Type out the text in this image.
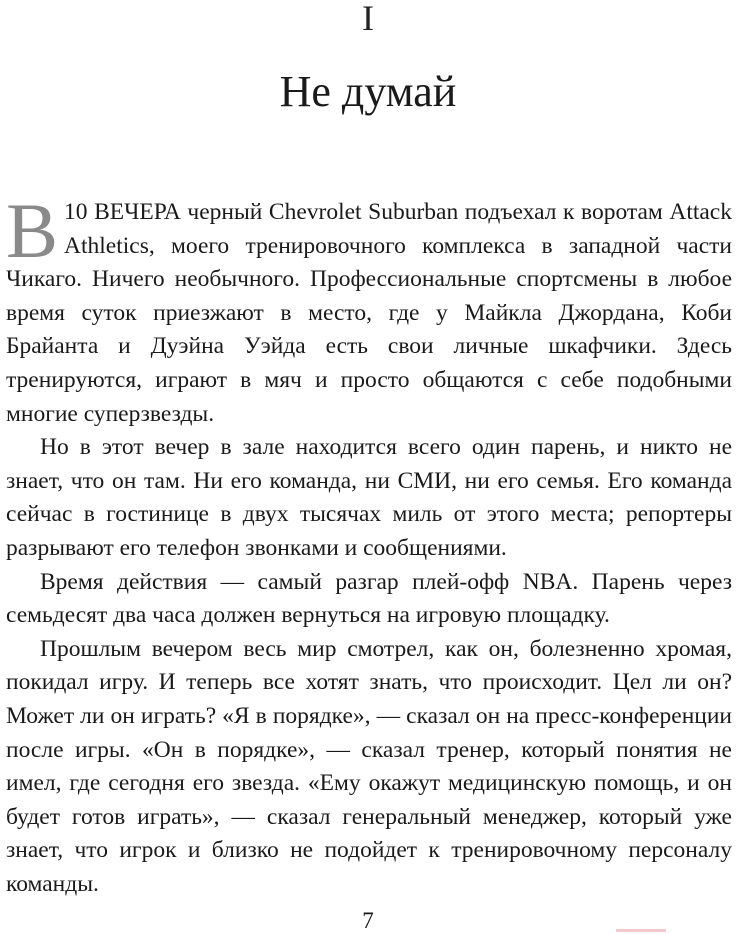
I
Не думай

В 10 ВЕЧЕРА черный Chevrolet Suburban подъехал к воротам Attack Athletics, моего тренировочного комплекса в западной части Чикаго. Ничего необычного. Профессиональные спортсмены в любое время суток приезжают в место, где у Майкла Джордана, Коби Брайанта и Дуэйна Уэйда есть свои личные шкафчики. Здесь тренируются, играют в мяч и просто общаются с себе подобными многие суперзвезды.

Но в этот вечер в зале находится всего один парень, и никто не знает, что он там. Ни его команда, ни СМИ, ни его семья. Его команда сейчас в гостинице в двух тысячах миль от этого места; репортеры разрывают его телефон звонками и сообщениями.

Время действия — самый разгар плей-офф NBA. Парень через семьдесят два часа должен вернуться на игровую площадку.

Прошлым вечером весь мир смотрел, как он, болезненно хромая, покидал игру. И теперь все хотят знать, что происходит. Цел ли он? Может ли он играть? «Я в порядке», — сказал он на пресс-конференции после игры. «Он в порядке», — сказал тренер, который понятия не имел, где сегодня его звезда. «Ему окажут медицинскую помощь, и он будет готов играть», — сказал генеральный менеджер, который уже знает, что игрок и близко не подойдет к тренировочному персоналу команды.

7
